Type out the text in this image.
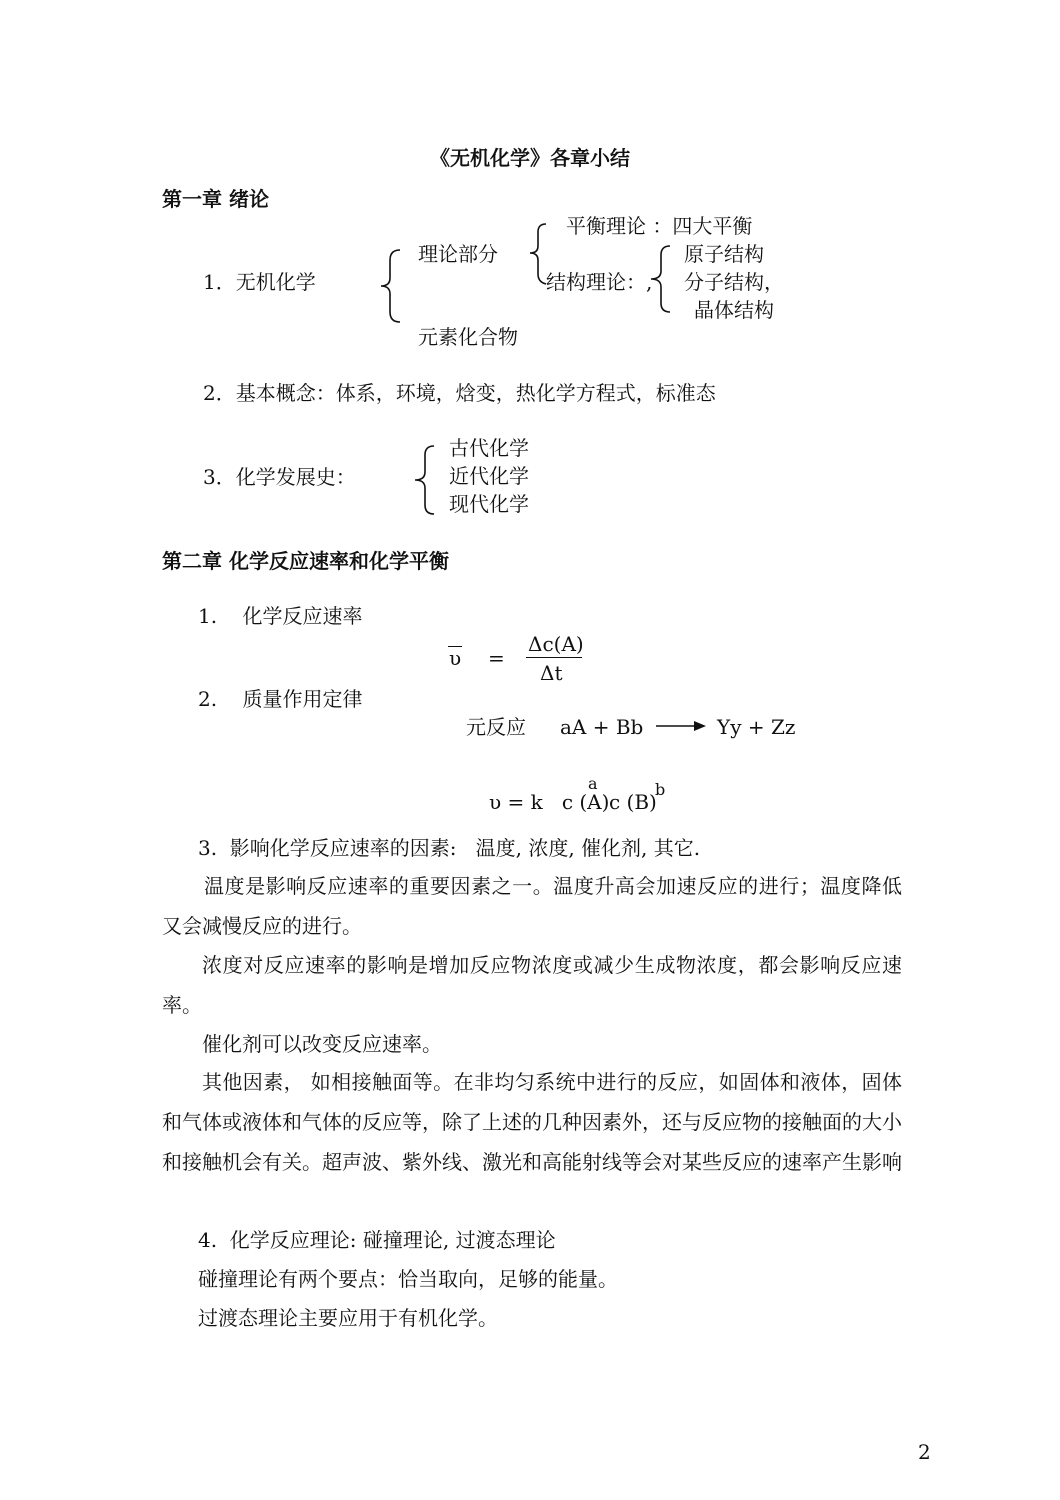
《无机化学》各章小结
第一章 绪论
1．无机化学
理论部分
平衡理论 ：四大平衡
结构理论：,
原子结构
分子结构，
晶体结构
元素化合物
2．基本概念：体系，环境，焓变，热化学方程式，标准态
3．化学发展史：
古代化学
近代化学
现代化学
第二章 化学反应速率和化学平衡
1.    化学反应速率
υ =
Δc(A)
Δt
2.    质量作用定律
元反应 aA + Bb → Yy + Zz
υ = k   c (A)
a
c (B)
b
3.  影响化学反应速率的因素:   温度, 浓度, 催化剂, 其它.
温度是影响反应速率的重要因素之一。温度升高会加速反应的进行；温度降低又会减慢反应的进行。
浓度对反应速率的影响是增加反应物浓度或减少生成物浓度，都会影响反应速率。
催化剂可以改变反应速率。
其他因素， 如相接触面等。在非均匀系统中进行的反应，如固体和液体，固体和气体或液体和气体的反应等，除了上述的几种因素外，还与反应物的接触面的大小和接触机会有关。超声波、紫外线、激光和高能射线等会对某些反应的速率产生影响
4.  化学反应理论: 碰撞理论, 过渡态理论
碰撞理论有两个要点：恰当取向，足够的能量。
过渡态理论主要应用于有机化学。
2
